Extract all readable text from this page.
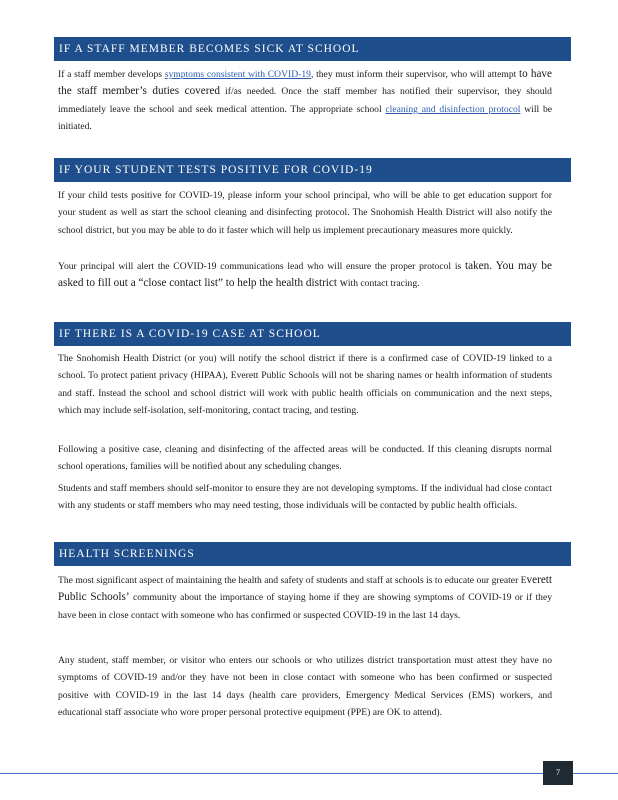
IF A STAFF MEMBER BECOMES SICK AT SCHOOL

If a staff member develops symptoms consistent with COVID-19, they must inform their supervisor, who will attempt to have the staff member’s duties covered if/as needed. Once the staff member has notified their supervisor, they should immediately leave the school and seek medical attention. The appropriate school cleaning and disinfection protocol will be initiated.

IF YOUR STUDENT TESTS POSITIVE FOR COVID-19

If your child tests positive for COVID-19, please inform your school principal, who will be able to get education support for your student as well as start the school cleaning and disinfecting protocol. The Snohomish Health District will also notify the school district, but you may be able to do it faster which will help us implement precautionary measures more quickly.

Your principal will alert the COVID-19 communications lead who will ensure the proper protocol is taken. You may be asked to fill out a “close contact list” to help the health district with contact tracing.

IF THERE IS A COVID-19 CASE AT SCHOOL

The Snohomish Health District (or you) will notify the school district if there is a confirmed case of COVID-19 linked to a school. To protect patient privacy (HIPAA), Everett Public Schools will not be sharing names or health information of students and staff. Instead the school and school district will work with public health officials on communication and the next steps, which may include self-isolation, self-monitoring, contact tracing, and testing.

Following a positive case, cleaning and disinfecting of the affected areas will be conducted. If this cleaning disrupts normal school operations, families will be notified about any scheduling changes.

Students and staff members should self-monitor to ensure they are not developing symptoms. If the individual had close contact with any students or staff members who may need testing, those individuals will be contacted by public health officials.

HEALTH SCREENINGS

The most significant aspect of maintaining the health and safety of students and staff at schools is to educate our greater Everett Public Schools’ community about the importance of staying home if they are showing symptoms of COVID-19 or if they have been in close contact with someone who has confirmed or suspected COVID-19 in the last 14 days.

Any student, staff member, or visitor who enters our schools or who utilizes district transportation must attest they have no symptoms of COVID-19 and/or they have not been in close contact with someone who has been confirmed or suspected positive with COVID-19 in the last 14 days (health care providers, Emergency Medical Services (EMS) workers, and educational staff associate who wore proper personal protective equipment (PPE) are OK to attend).

7
